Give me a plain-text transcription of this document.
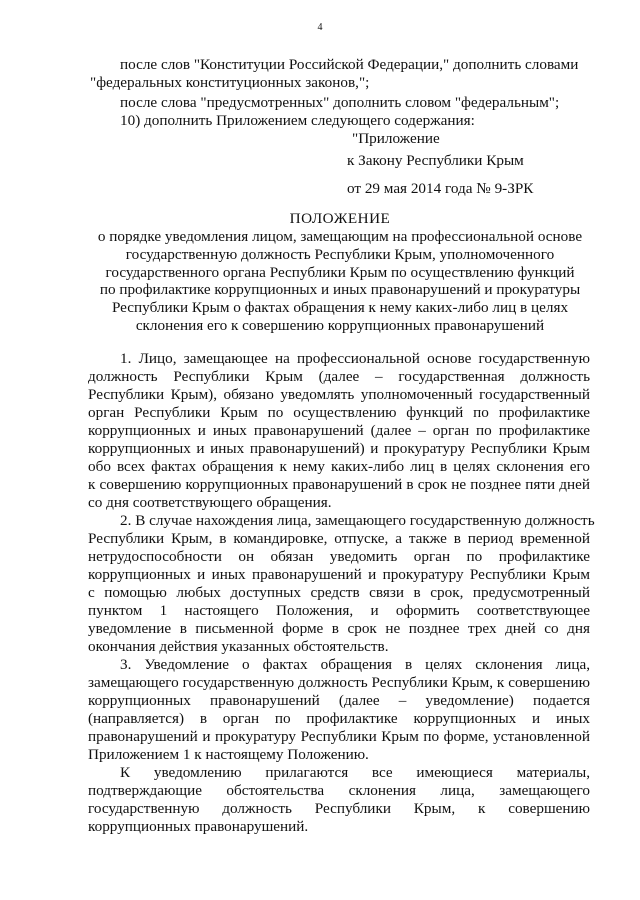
4
после слов "Конституции Российской Федерации," дополнить словами
"федеральных конституционных законов,";
после слова "предусмотренных" дополнить словом "федеральным";
10) дополнить Приложением следующего содержания:
"Приложение
к Закону Республики Крым
от 29 мая 2014 года № 9-ЗРК
ПОЛОЖЕНИЕ
о порядке уведомления лицом, замещающим на профессиональной основе
государственную должность Республики Крым, уполномоченного
государственного органа Республики Крым по осуществлению функций
по профилактике коррупционных и иных правонарушений и прокуратуры
Республики Крым о фактах обращения к нему каких-либо лиц в целях
склонения его к совершению коррупционных правонарушений
1. Лицо, замещающее на профессиональной основе государственную
должность Республики Крым (далее – государственная должность
Республики Крым), обязано уведомлять уполномоченный государственный
орган Республики Крым по осуществлению функций по профилактике
коррупционных и иных правонарушений (далее – орган по профилактике
коррупционных и иных правонарушений) и прокуратуру Республики Крым
обо всех фактах обращения к нему каких-либо лиц в целях склонения его
к совершению коррупционных правонарушений в срок не позднее пяти дней
со дня соответствующего обращения.
2. В случае нахождения лица, замещающего государственную должность
Республики Крым, в командировке, отпуске, а также в период временной
нетрудоспособности он обязан уведомить орган по профилактике
коррупционных и иных правонарушений и прокуратуру Республики Крым
с помощью любых доступных средств связи в срок, предусмотренный
пунктом 1 настоящего Положения, и оформить соответствующее
уведомление в письменной форме в срок не позднее трех дней со дня
окончания действия указанных обстоятельств.
3. Уведомление о фактах обращения в целях склонения лица,
замещающего государственную должность Республики Крым, к совершению
коррупционных правонарушений (далее – уведомление) подается
(направляется) в орган по профилактике коррупционных и иных
правонарушений и прокуратуру Республики Крым по форме, установленной
Приложением 1 к настоящему Положению.
К уведомлению прилагаются все имеющиеся материалы,
подтверждающие обстоятельства склонения лица, замещающего
государственную должность Республики Крым, к совершению
коррупционных правонарушений.
